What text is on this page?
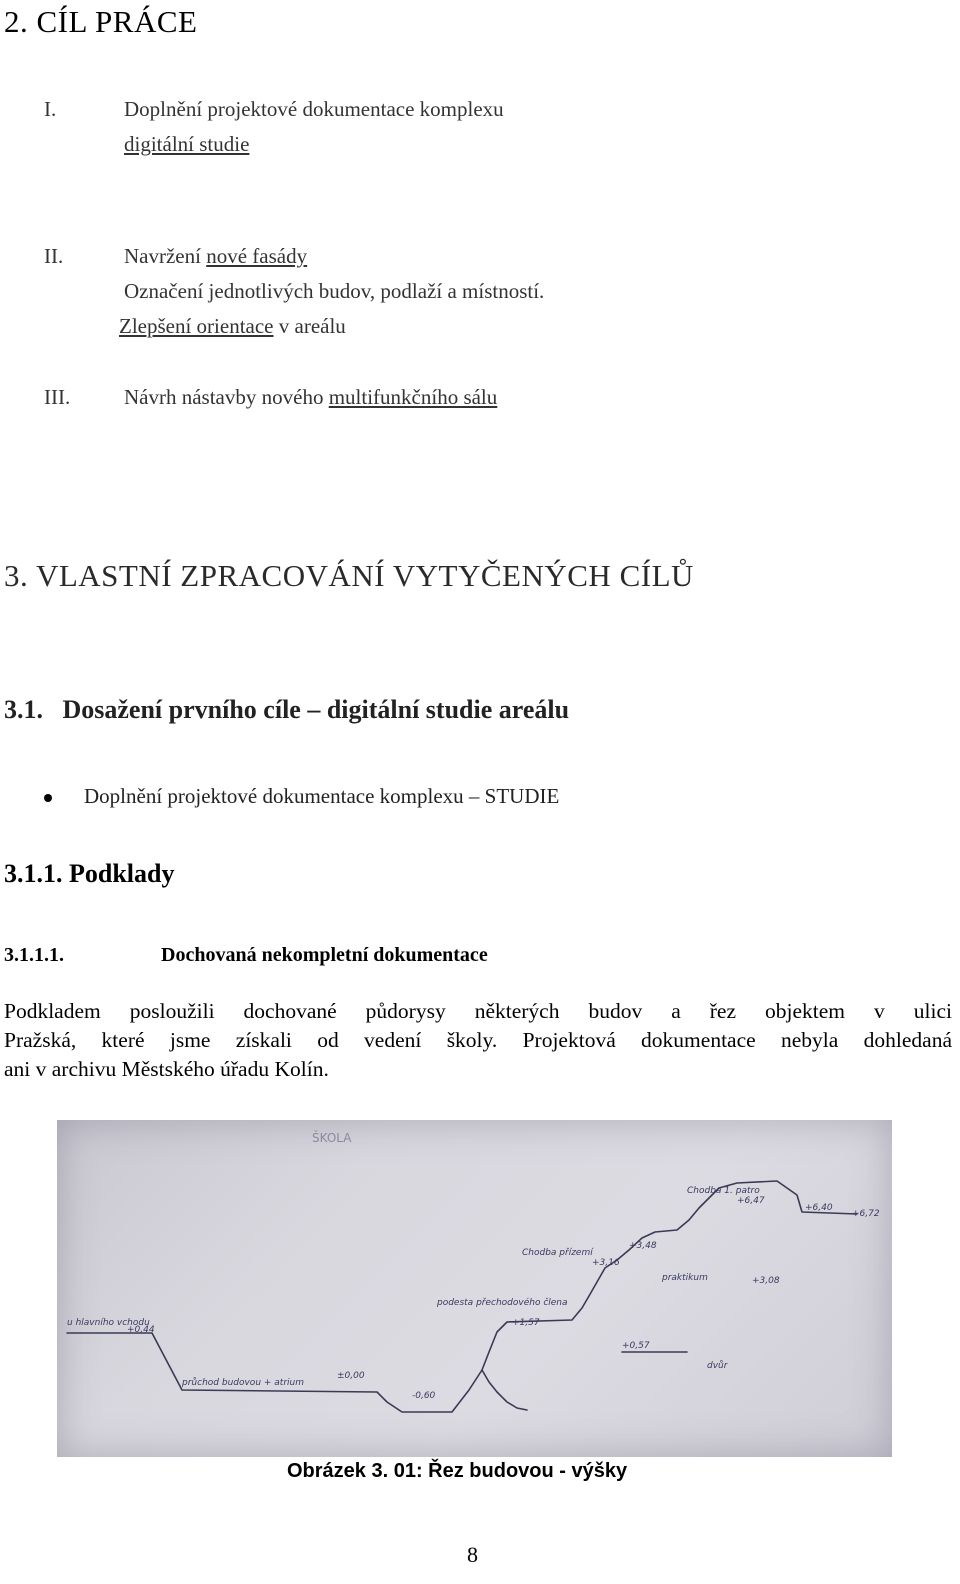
2. CÍL PRÁCE
I.	Doplnění projektové dokumentace komplexu
digitální studie
II.	Navržení nové fasády
Označení jednotlivých budov, podlaží a místností.
Zlepšení orientace v areálu
III.	Návrh nástavby nového multifunkčního sálu
3. VLASTNÍ ZPRACOVÁNÍ VYTYČENÝCH CÍLŮ
3.1.   Dosažení prvního cíle – digitální studie areálu
Doplnění projektové dokumentace komplexu – STUDIE
3.1.1. Podklady
3.1.1.1.	Dochovaná nekompletní dokumentace
Podkladem posloužili dochované půdorysy některých budov a řez objektem v ulici
Pražská, které jsme získali od vedení školy. Projektová dokumentace nebyla dohledaná
ani v archivu Městského úřadu Kolín.
ŠKOLA
u hlavního vchodu
+0,44
průchod budovou + atrium
±0,00
-0,60
podesta přechodového člena
+1,57
Chodba přízemí
+3,16
+3,48
praktikum	+3,08
+0,57
dvůr
Chodba 1. patro
+6,47
+6,40
+6,72
Obrázek 3. 01: Řez budovou - výšky
8
